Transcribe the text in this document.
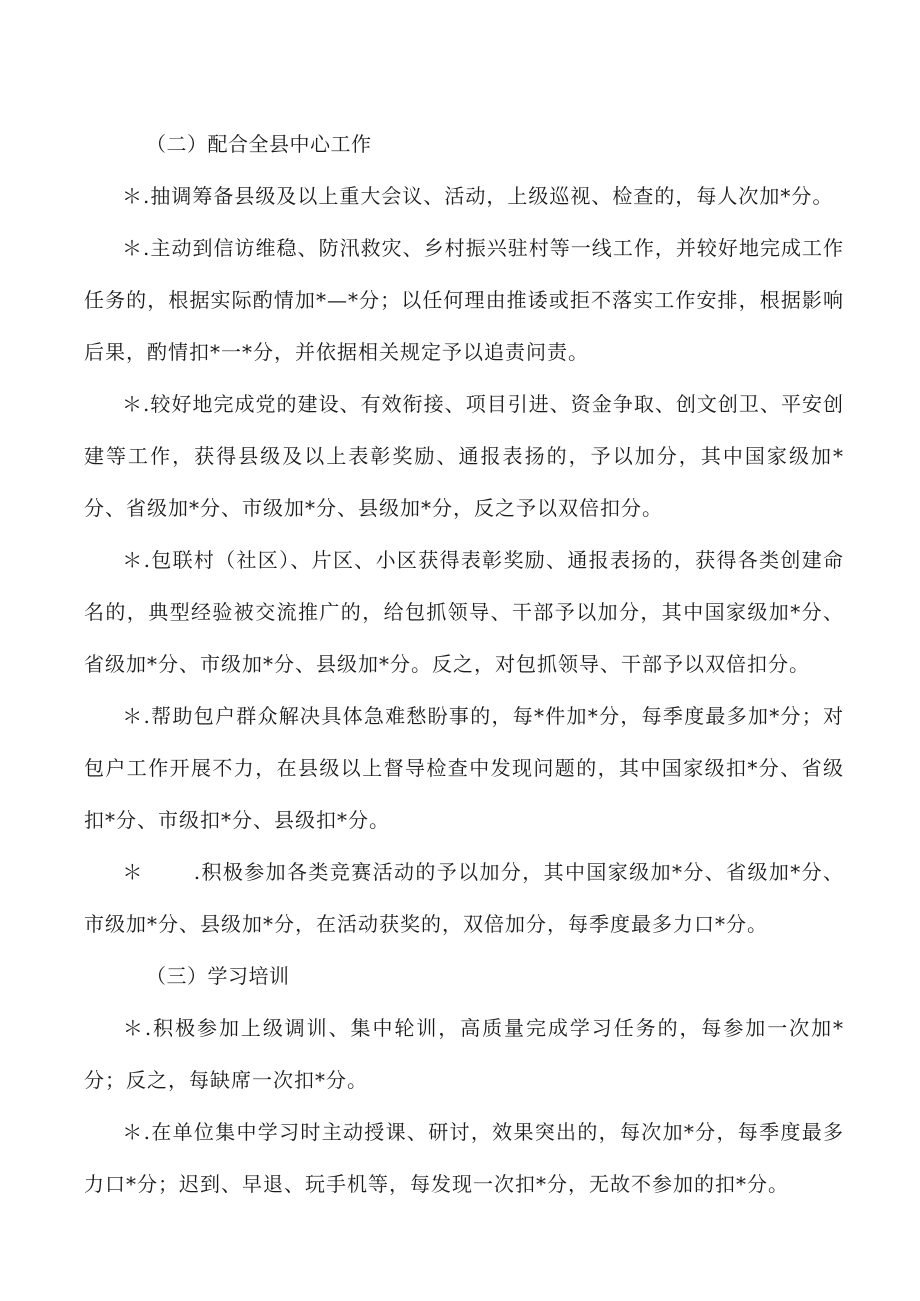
（二）配合全县中心工作

＊.抽调筹备县级及以上重大会议、活动，上级巡视、检查的，每人次加*分。

＊.主动到信访维稳、防汛救灾、乡村振兴驻村等一线工作，并较好地完成工作任务的，根据实际酌情加*—*分；以任何理由推诿或拒不落实工作安排，根据影响后果，酌情扣*一*分，并依据相关规定予以追责问责。

＊.较好地完成党的建设、有效衔接、项目引进、资金争取、创文创卫、平安创建等工作，获得县级及以上表彰奖励、通报表扬的，予以加分，其中国家级加*分、省级加*分、市级加*分、县级加*分，反之予以双倍扣分。

＊.包联村（社区）、片区、小区获得表彰奖励、通报表扬的，获得各类创建命名的，典型经验被交流推广的，给包抓领导、干部予以加分，其中国家级加*分、省级加*分、市级加*分、县级加*分。反之，对包抓领导、干部予以双倍扣分。

＊.帮助包户群众解决具体急难愁盼事的，每*件加*分，每季度最多加*分；对包户工作开展不力，在县级以上督导检查中发现问题的，其中国家级扣*分、省级扣*分、市级扣*分、县级扣*分。

＊	.积极参加各类竞赛活动的予以加分，其中国家级加*分、省级加*分、市级加*分、县级加*分，在活动获奖的，双倍加分，每季度最多力口*分。

（三）学习培训

＊.积极参加上级调训、集中轮训，高质量完成学习任务的，每参加一次加*分；反之，每缺席一次扣*分。

＊.在单位集中学习时主动授课、研讨，效果突出的，每次加*分，每季度最多力口*分；迟到、早退、玩手机等，每发现一次扣*分，无故不参加的扣*分。
